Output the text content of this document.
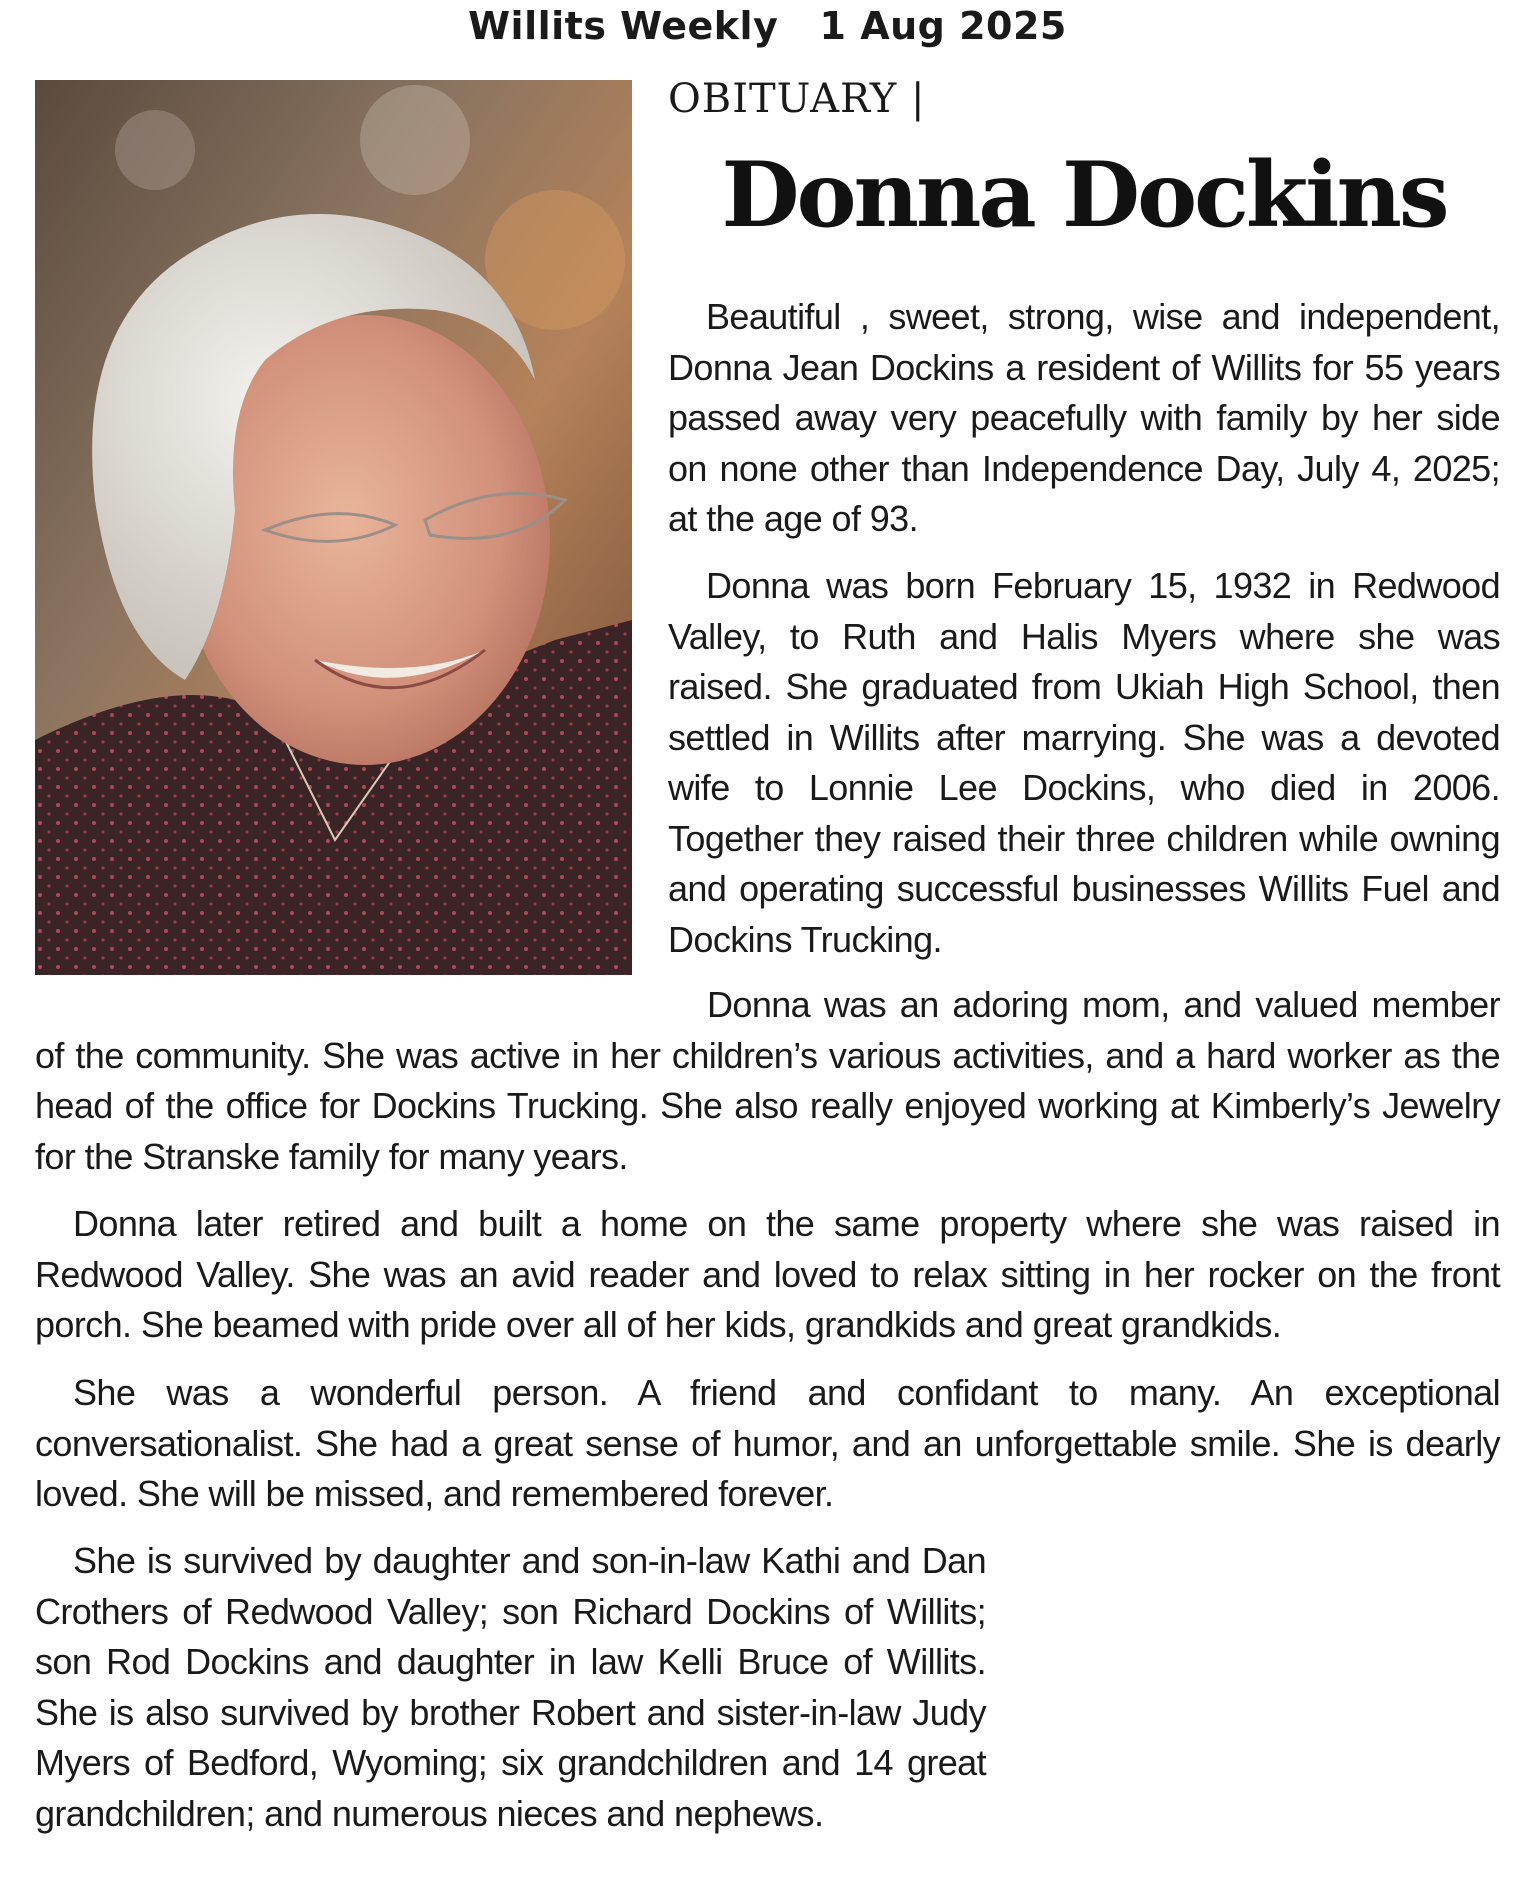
Willits Weekly   1 Aug 2025
OBITUARY |
Donna Dockins

Beautiful , sweet, strong, wise and independent, Donna Jean Dockins a resident of Willits for 55 years passed away very peacefully with family by her side on none other than Independence Day, July 4, 2025; at the age of 93.

Donna was born February 15, 1932 in Redwood Valley, to Ruth and Halis Myers where she was raised. She graduated from Ukiah High School, then settled in Willits after marrying. She was a devoted wife to Lonnie Lee Dockins, who died in 2006. Together they raised their three children while owning and operating successful businesses Willits Fuel and Dockins Trucking.

Donna was an adoring mom, and valued member of the community. She was active in her children’s various activities, and a hard worker as the head of the office for Dockins Trucking. She also really enjoyed working at Kimberly’s Jewelry for the Stranske family for many years.

Donna later retired and built a home on the same property where she was raised in Redwood Valley. She was an avid reader and loved to relax sitting in her rocker on the front porch. She beamed with pride over all of her kids, grandkids and great grandkids.

She was a wonderful person. A friend and confidant to many. An exceptional conversationalist. She had a great sense of humor, and an unforgettable smile. She is dearly loved. She will be missed, and remembered forever.

She is survived by daughter and son-in-law Kathi and Dan Crothers of Redwood Valley; son Richard Dockins of Willits; son Rod Dockins and daughter in law Kelli Bruce of Willits. She is also survived by brother Robert and sister-in-law Judy Myers of Bedford, Wyoming; six grandchildren and 14 great grandchildren; and numerous nieces and nephews.
